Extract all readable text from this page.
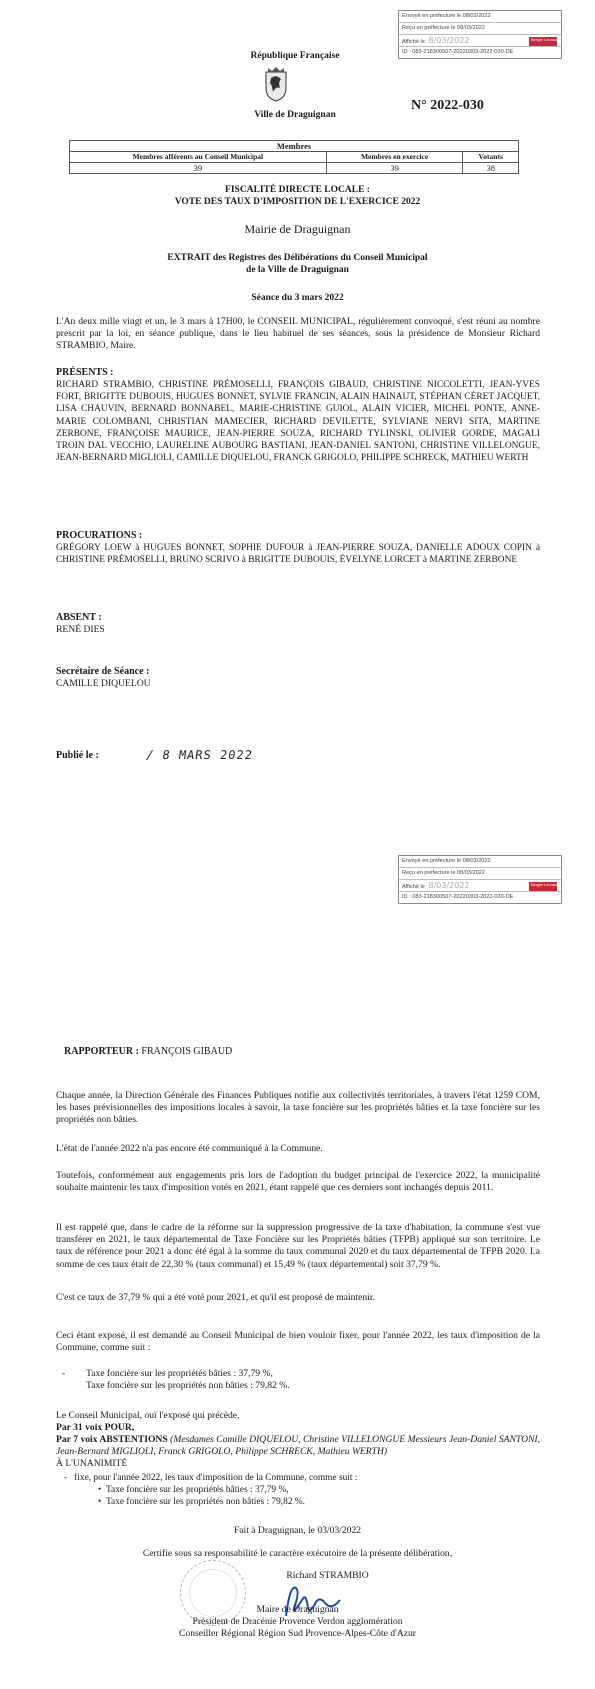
Envoyé en préfecture le 08/03/2022
Reçu en préfecture le 08/03/2022
Affiché le 8/03/2022	Berger Levrault
ID : 083-218300507-20220303-2022-030-DE
République Française
Ville de Draguignan
N° 2022-030
Membres		
Membres afférents au Conseil Municipal	Membres en exercice	Votants
39	39	38
FISCALITÉ DIRECTE LOCALE :
VOTE DES TAUX D'IMPOSITION DE L'EXERCICE 2022
Mairie de Draguignan
EXTRAIT des Registres des Délibérations du Conseil Municipal
de la Ville de Draguignan
Séance du 3 mars 2022
L'An deux mille vingt et un, le 3 mars à 17H00, le CONSEIL MUNICIPAL, régulièrement convoqué, s'est réuni au nombre prescrit par la loi, en séance publique, dans le lieu habituel de ses séances, sous la présidence de Monsieur Richard STRAMBIO, Maire.
PRÉSENTS :
RICHARD STRAMBIO, CHRISTINE PRÉMOSELLI, FRANÇOIS GIBAUD, CHRISTINE NICCOLETTI, JEAN-YVES FORT, BRIGITTE DUBOUIS, HUGUES BONNET, SYLVIE FRANCIN, ALAIN HAINAUT, STÉPHAN CÉRET JACQUET, LISA CHAUVIN, BERNARD BONNABEL, MARIE-CHRISTINE GUIOL, ALAIN VICIER, MICHEL PONTE, ANNE-MARIE COLOMBANI, CHRISTIAN MAMECIER, RICHARD DEVILETTE, SYLVIANE NERVI SITA, MARTINE ZERBONE, FRANÇOISE MAURICE, JEAN-PIERRE SOUZA, RICHARD TYLINSKI, OLIVIER GORDE, MAGALI TROIN DAL VECCHIO, LAURELINE AUBOURG BASTIANI, JEAN-DANIEL SANTONI, CHRISTINE VILLELONGUE, JEAN-BERNARD MIGLIOLI, CAMILLE DIQUELOU, FRANCK GRIGOLO, PHILIPPE SCHRECK, MATHIEU WERTH
PROCURATIONS :
GRÉGORY LOEW à HUGUES BONNET, SOPHIE DUFOUR à JEAN-PIERRE SOUZA, DANIELLE ADOUX COPIN à CHRISTINE PRÉMOSELLI, BRUNO SCRIVO à BRIGITTE DUBOUIS, ÉVELYNE LORCET à MARTINE ZERBONE
ABSENT :
RENÉ DIES
Secrétaire de Séance :
CAMILLE DIQUELOU
Publié le :	/ 8 MARS 2022
Envoyé en préfecture le 08/03/2022
Reçu en préfecture le 08/03/2022
Affiché le 8/03/2022	Berger Levrault
ID : 083-218300507-20220303-2022-030-DE
RAPPORTEUR : FRANÇOIS GIBAUD
Chaque année, la Direction Générale des Finances Publiques notifie aux collectivités territoriales, à travers l'état 1259 COM, les bases prévisionnelles des impositions locales à savoir, la taxe foncière sur les propriétés bâties et la taxe foncière sur les propriétés non bâties.
L'état de l'année 2022 n'a pas encore été communiqué à la Commune.
Toutefois, conformément aux engagements pris lors de l'adoption du budget principal de l'exercice 2022, la municipalité souhaite maintenir les taux d'imposition votés en 2021, étant rappelé que ces derniers sont inchangés depuis 2011.
Il est rappelé que, dans le cadre de la réforme sur la suppression progressive de la taxe d'habitation, la commune s'est vue transférer en 2021, le taux départemental de Taxe Foncière sur les Propriétés bâties (TFPB) appliqué sur son territoire. Le taux de référence pour 2021 a donc été égal à la somme du taux communal 2020 et du taux départemental de TFPB 2020. La somme de ces taux était de 22,30 % (taux communal) et 15,49 % (taux départemental) soit 37,79 %.
C'est ce taux de 37,79 % qui a été voté pour 2021, et qu'il est proposé de maintenir.
Ceci étant exposé, il est demandé au Conseil Municipal de bien vouloir fixer, pour l'année 2022, les taux d'imposition de la Commune, comme suit :
- Taxe foncière sur les propriétés bâties : 37,79 %,
Taxe foncière sur les propriétés non bâties : 79,82 %.
Le Conseil Municipal, ouï l'exposé qui précède,
Par 31 voix POUR,
Par 7 voix ABSTENTIONS (Mesdames Camille DIQUELOU, Christine VILLELONGUE Messieurs Jean-Daniel SANTONI, Jean-Bernard MIGLIOLI, Franck GRIGOLO, Philippe SCHRECK, Mathieu WERTH)
À L'UNANIMITÉ
-   fixe, pour l'année 2022, les taux d'imposition de la Commune, comme suit :
•  Taxe foncière sur les propriétés bâties : 37,79 %,
•  Taxe foncière sur les propriétés non bâties : 79,82 %.
Fait à Draguignan, le 03/03/2022
Certifie sous sa responsabilité le caractère exécutoire de la présente délibération,
Richard STRAMBIO
Maire de Draguignan
Président de Dracénie Provence Verdon agglomération
Conseiller Régional Région Sud Provence-Alpes-Côte d'Azur
